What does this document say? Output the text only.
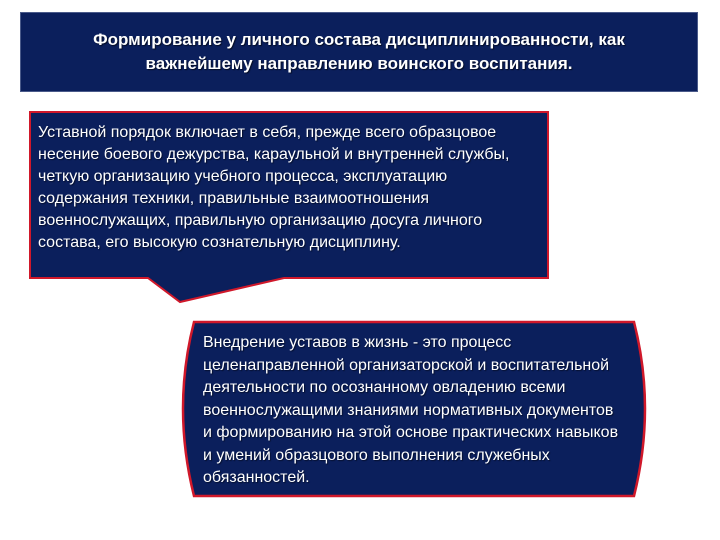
Формирование у личного состава дисциплинированности, как важнейшему направлению воинского воспитания.
Уставной порядок включает в себя, прежде всего образцовое несение боевого дежурства, караульной и внутренней службы, четкую организацию учебного процесса, эксплуатацию содержания техники, правильные взаимоотношения военнослужащих, правильную организацию досуга личного состава, его высокую сознательную дисциплину.
Внедрение уставов в жизнь - это процесс целенаправленной организаторской и воспитательной деятельности по осознанному овладению всеми военнослужащими знаниями нормативных документов и формированию на этой основе практических навыков и умений образцового выполнения служебных обязанностей.
